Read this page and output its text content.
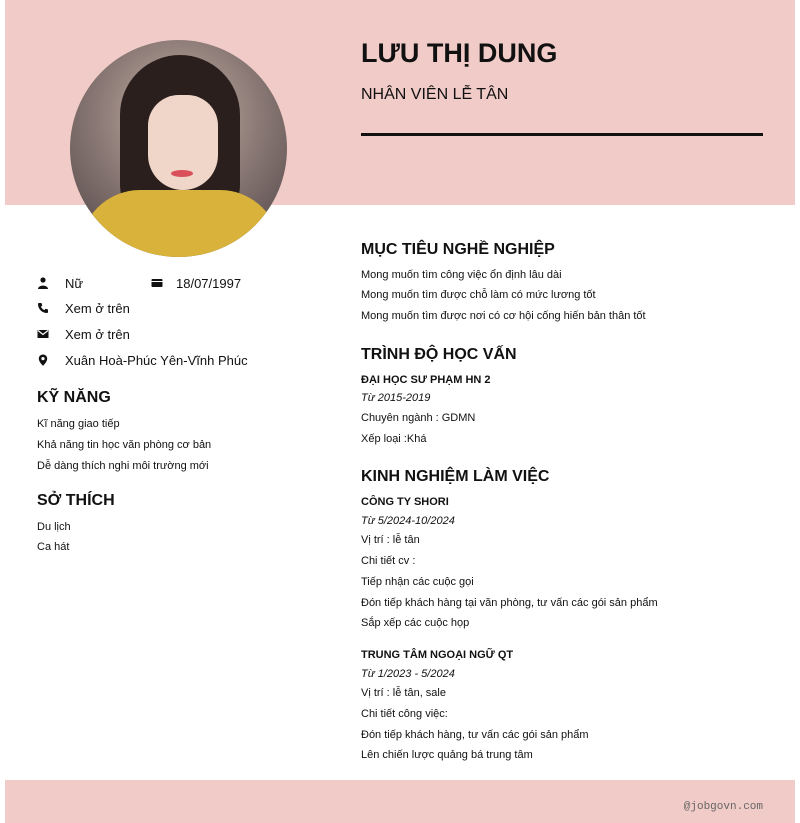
LƯU THỊ DUNG

NHÂN VIÊN LỄ TÂN

Nữ	18/07/1997
Xem ở trên
Xem ở trên
Xuân Hoà-Phúc Yên-Vĩnh Phúc
KỸ NĂNG

Kĩ năng giao tiếp

Khả năng tin học văn phòng cơ bản

Dễ dàng thích nghi môi trường mới

SỞ THÍCH

Du lịch

Ca hát

MỤC TIÊU NGHỀ NGHIỆP

Mong muốn tìm công việc ổn định lâu dài

Mong muốn tìm được chỗ làm có mức lương tốt

Mong muốn tìm được nơi có cơ hội cống hiến bản thân tốt

TRÌNH ĐỘ HỌC VẤN

ĐẠI HỌC SƯ PHẠM HN 2

Từ 2015-2019

Chuyên ngành : GDMN

Xếp loại :Khá

KINH NGHIỆM LÀM VIỆC

CÔNG TY SHORI

Từ 5/2024-10/2024

Vị trí : lễ tân

Chi tiết cv :

Tiếp nhận các cuộc gọi

Đón tiếp khách hàng tại văn phòng, tư vấn các gói sản phẩm

Sắp xếp các cuộc họp

TRUNG TÂM NGOẠI NGỮ QT

Từ 1/2023 - 5/2024

Vị trí : lễ tân, sale

Chi tiết công việc:

Đón tiếp khách hàng, tư vấn các gói sản phẩm

Lên chiến lược quảng bá trung tâm

@jobgovn.com
